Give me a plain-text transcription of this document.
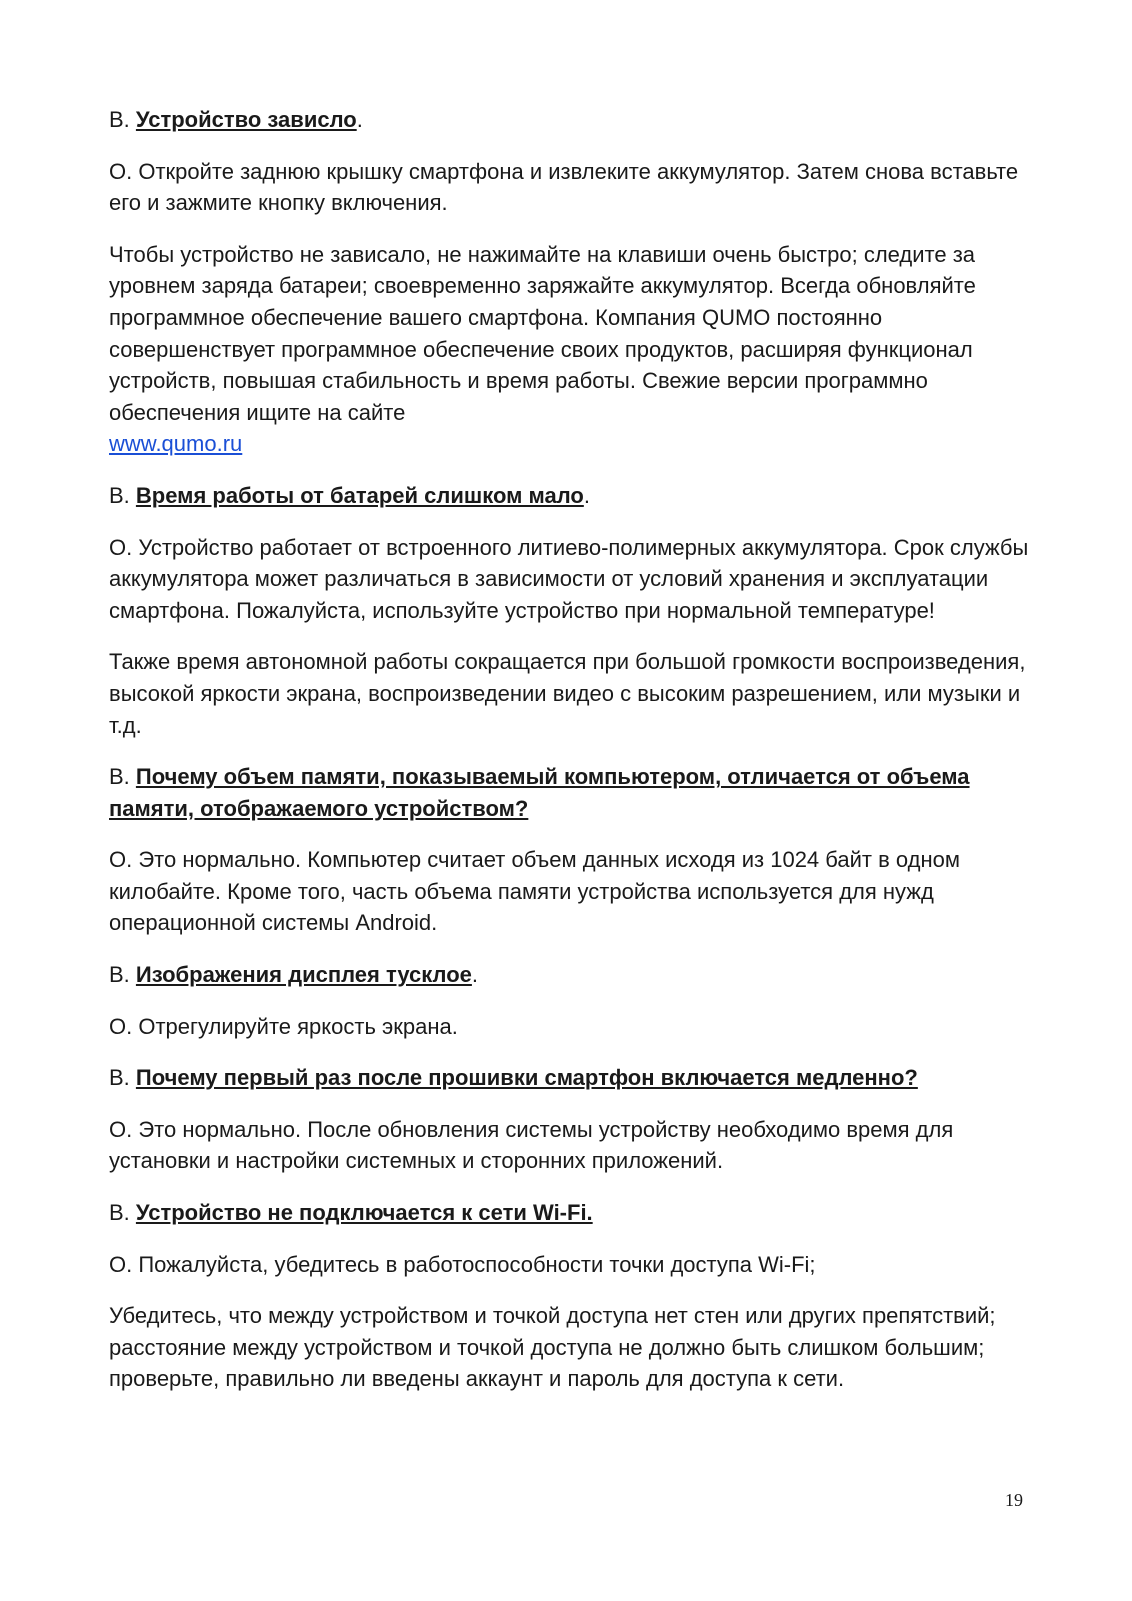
В. Устройство зависло.

О. Откройте заднюю крышку смартфона и извлеките аккумулятор. Затем снова вставьте его и зажмите кнопку включения.

Чтобы устройство не зависало, не нажимайте на клавиши очень быстро; следите за уровнем заряда батареи; своевременно заряжайте аккумулятор. Всегда обновляйте программное обеспечение вашего смартфона. Компания QUMO постоянно совершенствует программное обеспечение своих продуктов, расширяя функционал устройств, повышая стабильность и время работы. Свежие версии программно обеспечения ищите на сайте
www.qumo.ru

В. Время работы от батарей слишком мало.

О. Устройство работает от встроенного литиево-полимерных аккумулятора. Срок службы аккумулятора может различаться в зависимости от условий хранения и эксплуатации смартфона. Пожалуйста, используйте устройство при нормальной температуре!

Также время автономной работы сокращается при большой громкости воспроизведения, высокой яркости экрана, воспроизведении видео с высоким разрешением, или музыки и т.д.

В. Почему объем памяти, показываемый компьютером, отличается от объема памяти, отображаемого устройством?

О. Это нормально. Компьютер считает объем данных исходя из 1024 байт в одном килобайте. Кроме того, часть объема памяти устройства используется для нужд операционной системы Android.

В. Изображения дисплея тусклое.

О. Отрегулируйте яркость экрана.

В. Почему первый раз после прошивки смартфон включается медленно?

О. Это нормально. После обновления системы устройству необходимо время для установки и настройки системных и сторонних приложений.

В. Устройство не подключается к сети Wi-Fi.

О. Пожалуйста, убедитесь в работоспособности точки доступа Wi-Fi;

Убедитесь, что между устройством и точкой доступа нет стен или других препятствий; расстояние между устройством и точкой доступа не должно быть слишком большим; проверьте, правильно ли введены аккаунт и пароль для доступа к сети.

19
